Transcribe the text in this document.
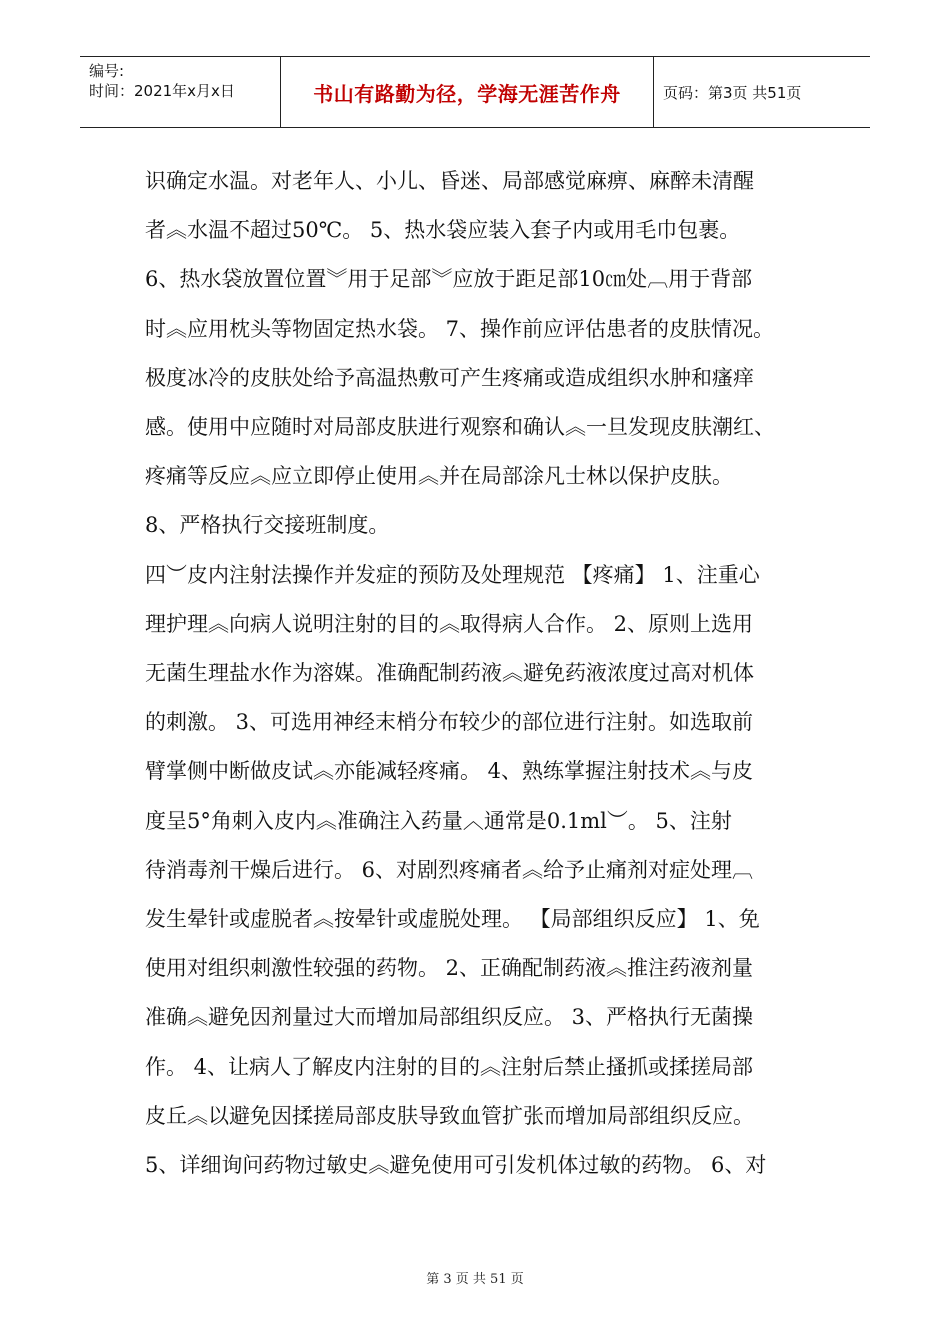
编号:
时间：2021年x月x日	书山有路勤为径，学海无涯苦作舟	页码：第3页 共51页

识确定水温。对老年人、小儿、昏迷、局部感觉麻痹、麻醉未清醒

者︽水温不超过50℃。 5、热水袋应装入套子内或用毛巾包裹。

6、热水袋放置位置︾用于足部︾应放于距足部10㎝处︹用于背部

时︽应用枕头等物固定热水袋。 7、操作前应评估患者的皮肤情况。

极度冰冷的皮肤处给予高温热敷可产生疼痛或造成组织水肿和瘙痒

感。使用中应随时对局部皮肤进行观察和确认︽一旦发现皮肤潮红、

疼痛等反应︽应立即停止使用︽并在局部涂凡士林以保护皮肤。

8、严格执行交接班制度。

四︶皮内注射法操作并发症的预防及处理规范 【疼痛】 1、注重心

理护理︽向病人说明注射的目的︽取得病人合作。 2、原则上选用

无菌生理盐水作为溶媒。准确配制药液︽避免药液浓度过高对机体

的刺激。 3、可选用神经末梢分布较少的部位进行注射。如选取前

臂掌侧中断做皮试︽亦能减轻疼痛。 4、熟练掌握注射技术︽与皮

度呈5°角刺入皮内︽准确注入药量︿通常是0.1ml︶。 5、注射

待消毒剂干燥后进行。 6、对剧烈疼痛者︽给予止痛剂对症处理︹

发生晕针或虚脱者︽按晕针或虚脱处理。 【局部组织反应】 1、免

使用对组织刺激性较强的药物。 2、正确配制药液︽推注药液剂量

准确︽避免因剂量过大而增加局部组织反应。 3、严格执行无菌操

作。 4、让病人了解皮内注射的目的︽注射后禁止搔抓或揉搓局部

皮丘︽以避免因揉搓局部皮肤导致血管扩张而增加局部组织反应。

5、详细询问药物过敏史︽避免使用可引发机体过敏的药物。 6、对

第 3 页 共 51 页
